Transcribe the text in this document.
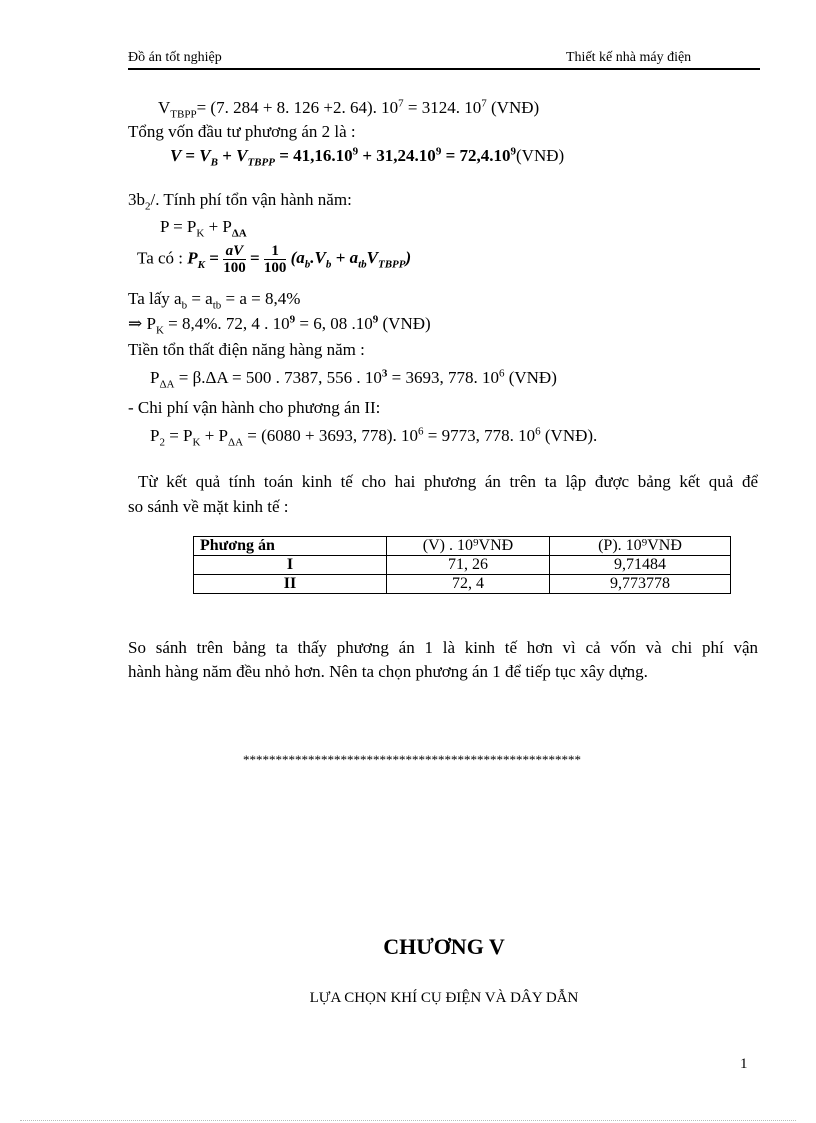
Đồ án tốt nghiệp	Thiết kế nhà máy điện
$V_{TBPP}= (7$. 284 + 8. 126 +2. 64). $10^7 = 3124$. $10^7$ (VNĐ)
Tổng vốn đầu tư phương án 2 là :
$V = V_B + V_{TBPP} = 41,16.10^9 + 31,24.10^9$ = $72,4.10^9(VNĐ)$
$3b_2/$. Tính phí tổn vận hành năm:
$P = P_K + P_{\Delta A}$
Ta có : $P_K = \frac{aV}{100} = \frac{1}{100} (a_b.V_b + a_{tb}V_{TBPP})$
Ta lấy $a_b = a_{tb} = a = 8,4\%$
⇒ $P_K = 8,4\%$. 72, 4 . $10^9 = 6$, 08 $.10^9$ (VNĐ)
Tiền tổn thất điện năng hàng năm :
$P_{\Delta A} = \beta.\Delta A = 500$ . 7387, 556 . $10^3 = 3693$, 778. $10^6$ (VNĐ)
- Chi phí vận hành cho phương án II:
$P_2 = P_K + P_{\Delta A} = (6080 + 3693$, 778). $10^6 = 9773$, 778. $10^6$ (VNĐ).
Từ kết quả tính toán kinh tế cho hai phương án trên ta lập được bảng kết quả để
so sánh về mặt kinh tế :
Phương án	(V) . 10⁹VNĐ	(P). 10⁹VNĐ
I	71, 26	9,71484
II	72, 4	9,773778
So sánh trên bảng ta thấy phương án 1 là kinh tế hơn vì cả vốn và chi phí vận
hành hàng năm đều nhỏ hơn. Nên ta chọn phương án 1 để tiếp tục xây dựng.
****************************************************
CHƯƠNG V
LỰA CHỌN KHÍ CỤ ĐIỆN VÀ DÂY DẪN
1
